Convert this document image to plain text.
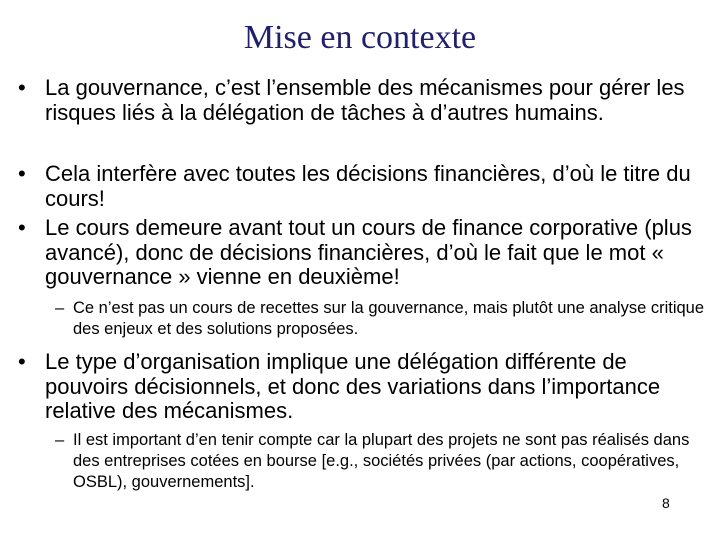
Mise en contexte
• La gouvernance, c’est l’ensemble des mécanismes pour gérer les risques liés à la délégation de tâches à d’autres humains.
• Cela interfère avec toutes les décisions financières, d’où le titre du cours!
• Le cours demeure avant tout un cours de finance corporative (plus avancé), donc de décisions financières, d’où le fait que le mot « gouvernance » vienne en deuxième!
– Ce n’est pas un cours de recettes sur la gouvernance, mais plutôt une analyse critique des enjeux et des solutions proposées.
• Le type d’organisation implique une délégation différente de pouvoirs décisionnels, et donc des variations dans l’importance relative des mécanismes.
– Il est important d’en tenir compte car la plupart des projets ne sont pas réalisés dans des entreprises cotées en bourse [e.g., sociétés privées (par actions, coopératives, OSBL), gouvernements].
8
